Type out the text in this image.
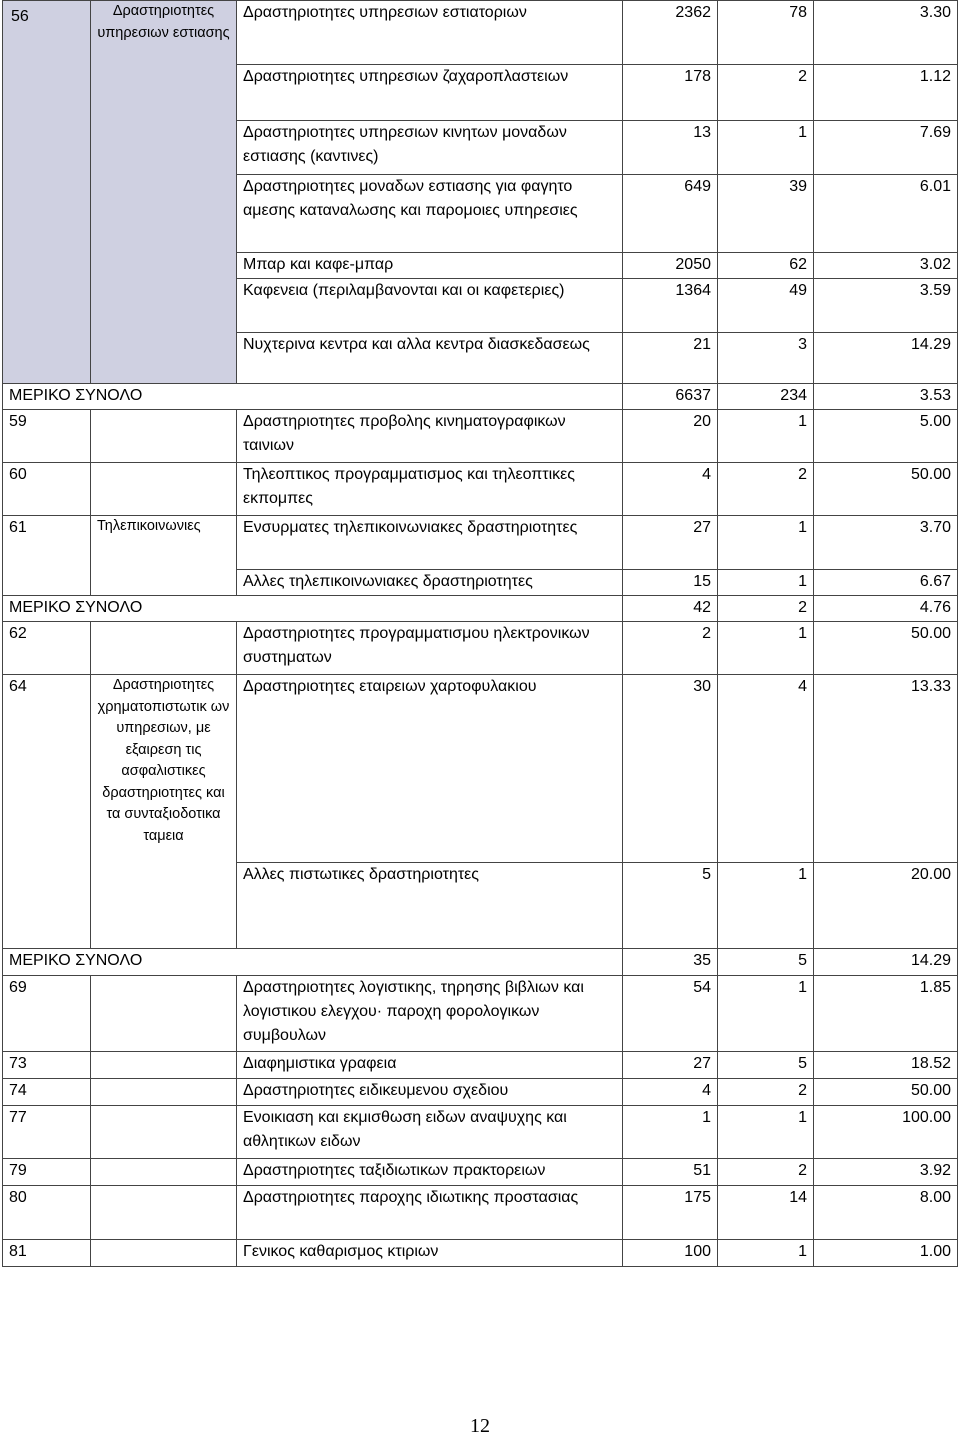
56	Δραστηριοτητες υπηρεσιων εστιασης	Δραστηριοτητες υπηρεσιων εστιατοριων	2362	78	3.30
		Δραστηριοτητες υπηρεσιων ζαχαροπλαστειων	178	2	1.12
		Δραστηριοτητες υπηρεσιων κινητων μοναδων εστιασης (καντινες)	13	1	7.69
		Δραστηριοτητες μοναδων εστιασης για φαγητο αμεσης καταναλωσης και παρομοιες υπηρεσιες	649	39	6.01
		Μπαρ και καφε-μπαρ	2050	62	3.02
		Καφενεια (περιλαμβανονται και οι καφετεριες)	1364	49	3.59
		Νυχτερινα κεντρα και αλλα κεντρα διασκεδασεως	21	3	14.29
ΜΕΡΙΚΟ ΣΥΝΟΛΟ			6637	234	3.53
59		Δραστηριοτητες προβολης κινηματογραφικων ταινιων	20	1	5.00
60		Τηλεοπτικος προγραμματισμος και τηλεοπτικες εκπομπες	4	2	50.00
61	Τηλεπικοινωνιες	Ενσυρματες τηλεπικοινωνιακες δραστηριοτητες	27	1	3.70
		Αλλες τηλεπικοινωνιακες δραστηριοτητες	15	1	6.67
ΜΕΡΙΚΟ ΣΥΝΟΛΟ			42	2	4.76
62		Δραστηριοτητες προγραμματισμου ηλεκτρονικων συστηματων	2	1	50.00
64	Δραστηριοτητες χρηματοπιστωτικ ων υπηρεσιων, με εξαιρεση τις ασφαλιστικες δραστηριοτητες και τα συνταξιοδοτικα ταμεια	Δραστηριοτητες εταιρειων χαρτοφυλακιου	30	4	13.33
		Αλλες πιστωτικες δραστηριοτητες	5	1	20.00
ΜΕΡΙΚΟ ΣΥΝΟΛΟ			35	5	14.29
69		Δραστηριοτητες λογιστικης, τηρησης βιβλιων και λογιστικου ελεγχου· παροχη φορολογικων συμβουλων	54	1	1.85
73		Διαφημιστικα γραφεια	27	5	18.52
74		Δραστηριοτητες ειδικευμενου σχεδιου	4	2	50.00
77		Ενοικιαση και εκμισθωση ειδων αναψυχης και αθλητικων ειδων	1	1	100.00
79		Δραστηριοτητες ταξιδιωτικων πρακτορειων	51	2	3.92
80		Δραστηριοτητες παροχης ιδιωτικης προστασιας	175	14	8.00
81		Γενικος καθαρισμος κτιριων	100	1	1.00
12
